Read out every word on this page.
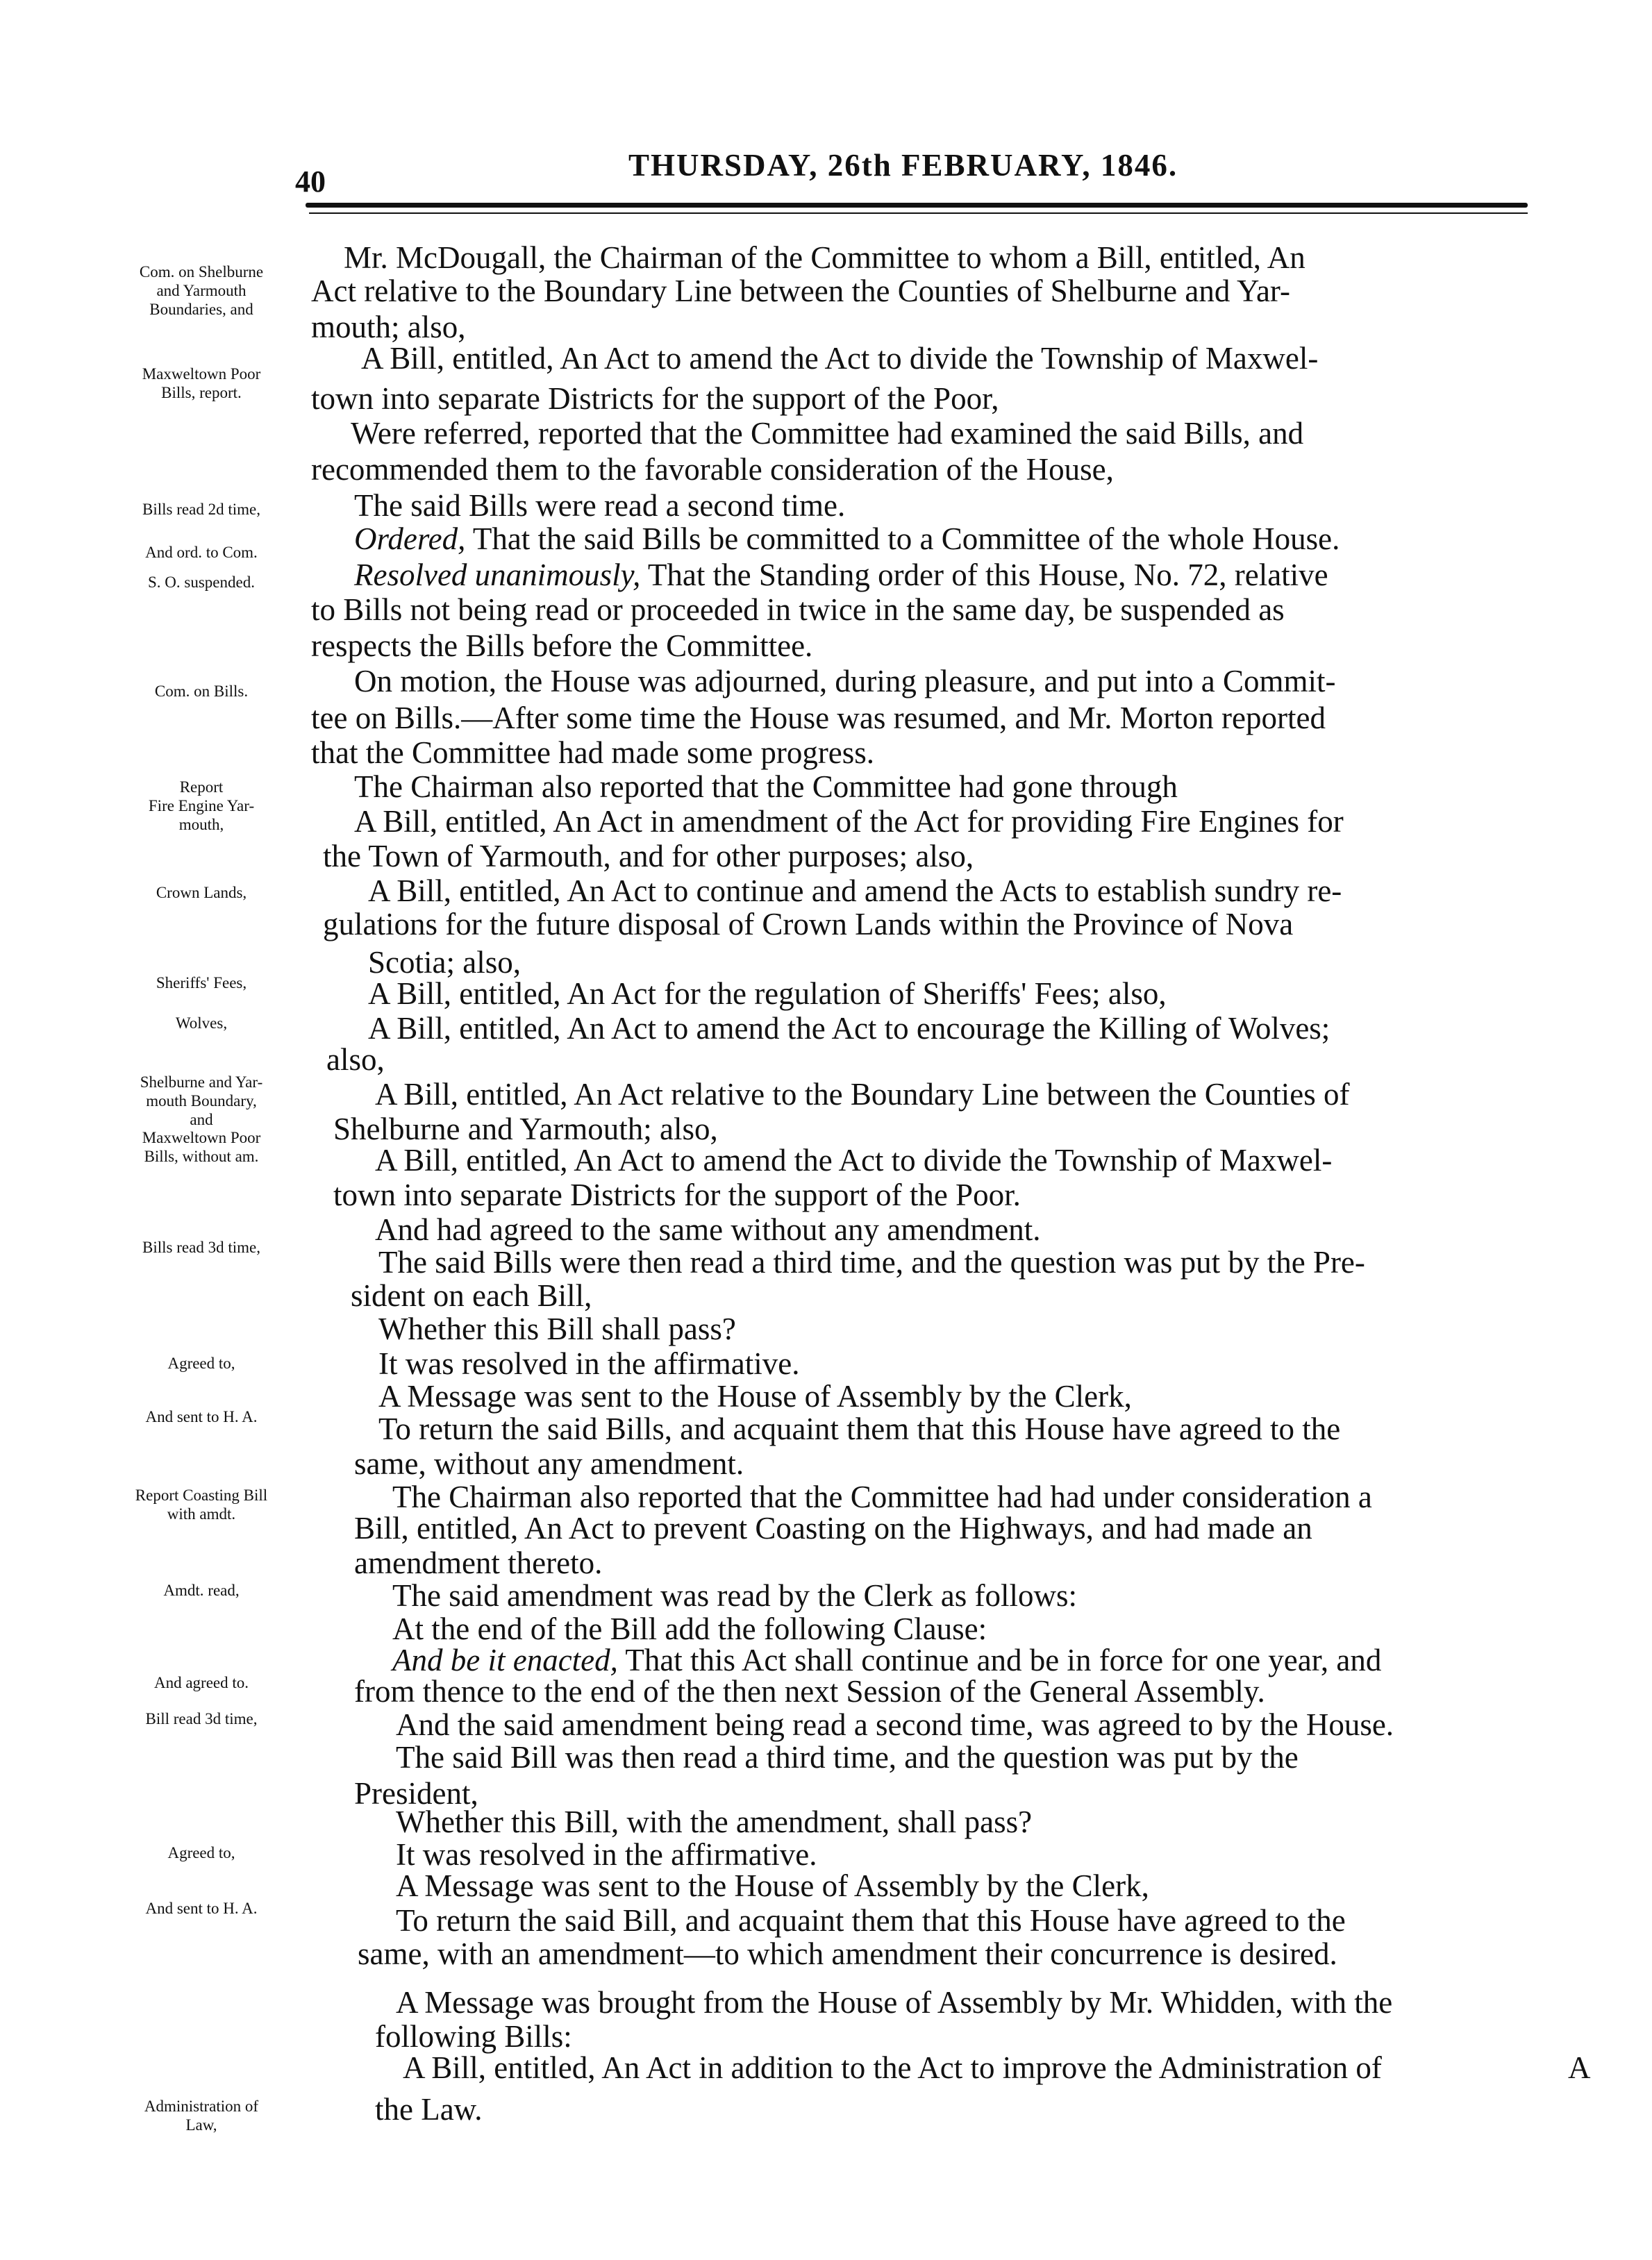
40	THURSDAY, 26th FEBRUARY, 1846.
Com. on Shelburne
and Yarmouth
Boundaries, and
Maxweltown Poor
Bills, report.
Bills read 2d time,
And ord. to Com.
S. O. suspended.
Com. on Bills.
Report
Fire Engine Yar-
mouth,
Crown Lands,
Sheriffs' Fees,
Wolves,
Shelburne and Yar-
mouth Boundary,
and
Maxweltown Poor
Bills, without am.
Bills read 3d time,
Agreed to,
And sent to H. A.
Report Coasting Bill
with amdt.
Amdt. read,
And agreed to.
Bill read 3d time,
Agreed to,
And sent to H. A.
Administration of
Law,
Mr. McDougall, the Chairman of the Committee to whom a Bill, entitled, An
Act relative to the Boundary Line between the Counties of Shelburne and Yar-
mouth; also,
A Bill, entitled, An Act to amend the Act to divide the Township of Maxwel-
town into separate Districts for the support of the Poor,
Were referred, reported that the Committee had examined the said Bills, and
recommended them to the favorable consideration of the House,
The said Bills were read a second time.
Ordered, That the said Bills be committed to a Committee of the whole House.
Resolved unanimously, That the Standing order of this House, No. 72, relative
to Bills not being read or proceeded in twice in the same day, be suspended as
respects the Bills before the Committee.
On motion, the House was adjourned, during pleasure, and put into a Commit-
tee on Bills.—After some time the House was resumed, and Mr. Morton reported
that the Committee had made some progress.
The Chairman also reported that the Committee had gone through
A Bill, entitled, An Act in amendment of the Act for providing Fire Engines for
the Town of Yarmouth, and for other purposes; also,
A Bill, entitled, An Act to continue and amend the Acts to establish sundry re-
gulations for the future disposal of Crown Lands within the Province of Nova
Scotia; also,
A Bill, entitled, An Act for the regulation of Sheriffs' Fees; also,
A Bill, entitled, An Act to amend the Act to encourage the Killing of Wolves;
also,
A Bill, entitled, An Act relative to the Boundary Line between the Counties of
Shelburne and Yarmouth; also,
A Bill, entitled, An Act to amend the Act to divide the Township of Maxwel-
town into separate Districts for the support of the Poor.
And had agreed to the same without any amendment.
The said Bills were then read a third time, and the question was put by the Pre-
sident on each Bill,
Whether this Bill shall pass?
It was resolved in the affirmative.
A Message was sent to the House of Assembly by the Clerk,
To return the said Bills, and acquaint them that this House have agreed to the
same, without any amendment.
The Chairman also reported that the Committee had had under consideration a
Bill, entitled, An Act to prevent Coasting on the Highways, and had made an
amendment thereto.
The said amendment was read by the Clerk as follows:
At the end of the Bill add the following Clause:
And be it enacted, That this Act shall continue and be in force for one year, and
from thence to the end of the then next Session of the General Assembly.
And the said amendment being read a second time, was agreed to by the House.
The said Bill was then read a third time, and the question was put by the
President,
Whether this Bill, with the amendment, shall pass?
It was resolved in the affirmative.
A Message was sent to the House of Assembly by the Clerk,
To return the said Bill, and acquaint them that this House have agreed to the
same, with an amendment—to which amendment their concurrence is desired.
A Message was brought from the House of Assembly by Mr. Whidden, with the
following Bills:
A Bill, entitled, An Act in addition to the Act to improve the Administration of	A
the Law.
